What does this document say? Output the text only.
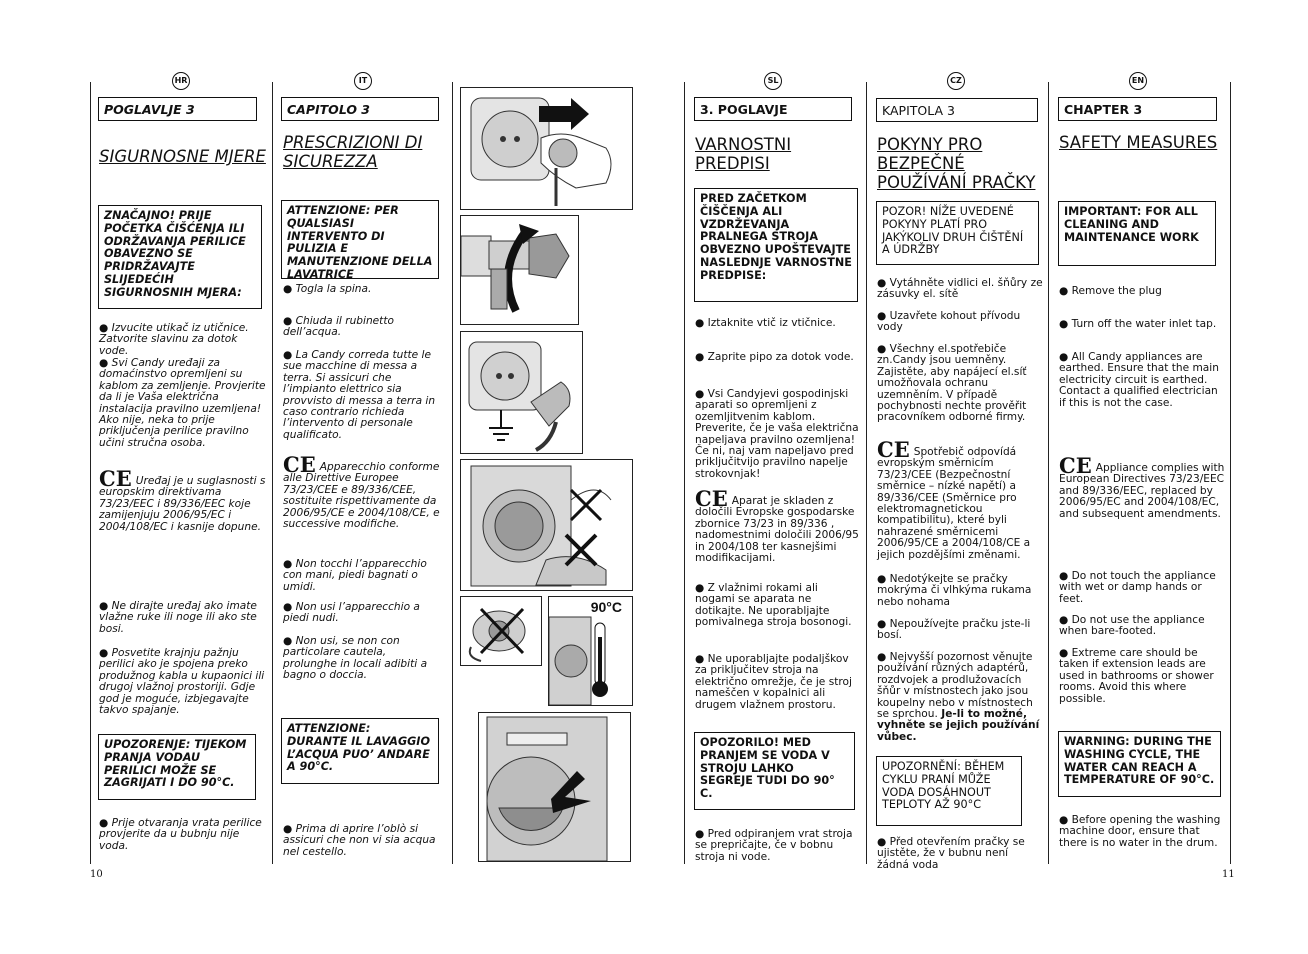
HR
POGLAVLJE 3
SIGURNOSNE MJERE
ZNAČAJNO! PRIJE POČETKA ČIŠĆENJA ILI ODRŽAVANJA PERILICE OBAVEZNO SE PRIDRŽAVAJTE SLIJEDEĆIH SIGURNOSNIH MJERA:
● Izvucite utikač iz utičnice. Zatvorite slavinu za dotok vode.
● Svi Candy uređaji za domaćinstvo opremljeni su kablom za zemljenje. Provjerite da li je Vaša električna instalacija pravilno uzemljena! Ako nije, neka to prije priključenja perilice pravilno učini stručna osoba.
CE Uređaj je u suglasnosti s europskim direktivama 73/23/EEC i 89/336/EEC koje zamijenjuju 2006/95/EC i 2004/108/EC i kasnije dopune.
● Ne dirajte uređaj ako imate vlažne ruke ili noge ili ako ste bosi.
● Posvetite krajnju pažnju perilici ako je spojena preko produžnog kabla u kupaonici ili drugoj vlažnoj prostoriji. Gdje god je moguće, izbjegavajte takvo spajanje.
UPOZORENJE: TIJEKOM PRANJA VODAU PERILICI MOŽE SE ZAGRIJATI I DO 90°C.
● Prije otvaranja vrata perilice provjerite da u bubnju nije voda.
10
IT
CAPITOLO 3
PRESCRIZIONI DI SICUREZZA
ATTENZIONE: PER QUALSIASI INTERVENTO DI PULIZIA E MANUTENZIONE DELLA LAVATRICE
● Togla la spina.
● Chiuda il rubinetto dell’acqua.
● La Candy correda tutte le sue macchine di messa a terra. Si assicuri che l’impianto elettrico sia provvisto di messa a terra in caso contrario richieda l’intervento di personale qualificato.
CE Apparecchio conforme alle Direttive Europee 73/23/CEE e 89/336/CEE, sostituite rispettivamente da 2006/95/CE e 2004/108/CE, e successive modifiche.
● Non tocchi l’apparecchio con mani, piedi bagnati o umidi.
● Non usi l’apparecchio a piedi nudi.
● Non usi, se non con particolare cautela, prolunghe in locali adibiti a bagno o doccia.
ATTENZIONE: DURANTE IL LAVAGGIO L’ACQUA PUO’ ANDARE A 90°C.
● Prima di aprire l’oblò si assicuri che non vi sia acqua nel cestello.
90°C
SL
3. POGLAVJE
VARNOSTNI PREDPISI
PRED ZAČETKOM ČIŠČENJA ALI VZDRŽEVANJA PRALNEGA STROJA OBVEZNO UPOŠTEVAJTE NASLEDNJE VARNOSTNE PREDPISE:
● Iztaknite vtič iz vtičnice.
● Zaprite pipo za dotok vode.
● Vsi Candyjevi gospodinjski aparati so opremljeni z ozemljitvenim kablom. Preverite, če je vaša električna napeljava pravilno ozemljena! Če ni, naj vam napeljavo pred priključitvijo pravilno napelje strokovnjak!
CE Aparat je skladen z določili Evropske gospodarske zbornice 73/23 in 89/336 , nadomestnimi določili 2006/95 in 2004/108 ter kasnejšimi modifikacijami.
● Z vlažnimi rokami ali nogami se aparata ne dotikajte. Ne uporabljajte pomivalnega stroja bosonogi.
● Ne uporabljajte podaljškov za priključitev stroja na električno omrežje, če je stroj nameščen v kopalnici ali drugem vlažnem prostoru.
OPOZORILO! MED PRANJEM SE VODA V STROJU LAHKO SEGREJE TUDI DO 90° C.
● Pred odpiranjem vrat stroja se prepričajte, če v bobnu stroja ni vode.
CZ
KAPITOLA 3
POKYNY PRO BEZPEČNÉ POUŽÍVÁNÍ PRAČKY
POZOR! NÍŽE UVEDENÉ POKYNY PLATÍ PRO JAKÝKOLIV DRUH ČIŠTĚNÍ A ÚDRŽBY
● Vytáhněte vidlici el. šňůry ze zásuvky el. sítě
● Uzavřete kohout přívodu vody
● Všechny el.spotřebiče zn.Candy jsou uemněny. Zajistěte, aby napájecí el.síť umožňovala ochranu uzemněním. V případě pochybnosti nechte prověřit pracovníkem odborné firmy.
CE Spotřebič odpovídá evropským směrnicím 73/23/CEE (Bezpečnostní směrnice – nízké napětí) a 89/336/CEE (Směrnice pro elektromagnetickou kompatibilitu), které byli nahrazené směrnicemi 2006/95/CE a 2004/108/CE a jejich pozdějšími změnami.
● Nedotýkejte se pračky mokrýma či vlhkýma rukama nebo nohama
● Nepoužívejte pračku jste-li bosí.
● Nejvyšší pozornost věnujte používání různých adaptérů, rozdvojek a prodlužovacích šňůr v místnostech jako jsou koupelny nebo v místnostech se sprchou. Je-li to možné, vyhněte se jejich používání vůbec.
UPOZORNĚNÍ: BĚHEM CYKLU PRANÍ MŮŽE VODA DOSÁHNOUT TEPLOTY AŽ 90°C
● Před otevřením pračky se ujistěte, že v bubnu není žádná voda
EN
CHAPTER 3
SAFETY MEASURES
IMPORTANT: FOR ALL CLEANING AND MAINTENANCE WORK
● Remove the plug
● Turn off the water inlet tap.
● All Candy appliances are earthed. Ensure that the main electricity circuit is earthed. Contact a qualified electrician if this is not the case.
CE Appliance complies with European Directives 73/23/EEC and 89/336/EEC, replaced by 2006/95/EC and 2004/108/EC, and subsequent amendments.
● Do not touch the appliance with wet or damp hands or feet.
● Do not use the appliance when bare-footed.
● Extreme care should be taken if extension leads are used in bathrooms or shower rooms. Avoid this where possible.
WARNING: DURING THE WASHING CYCLE, THE WATER CAN REACH A TEMPERATURE OF 90°C.
● Before opening the washing machine door, ensure that there is no water in the drum.
11
